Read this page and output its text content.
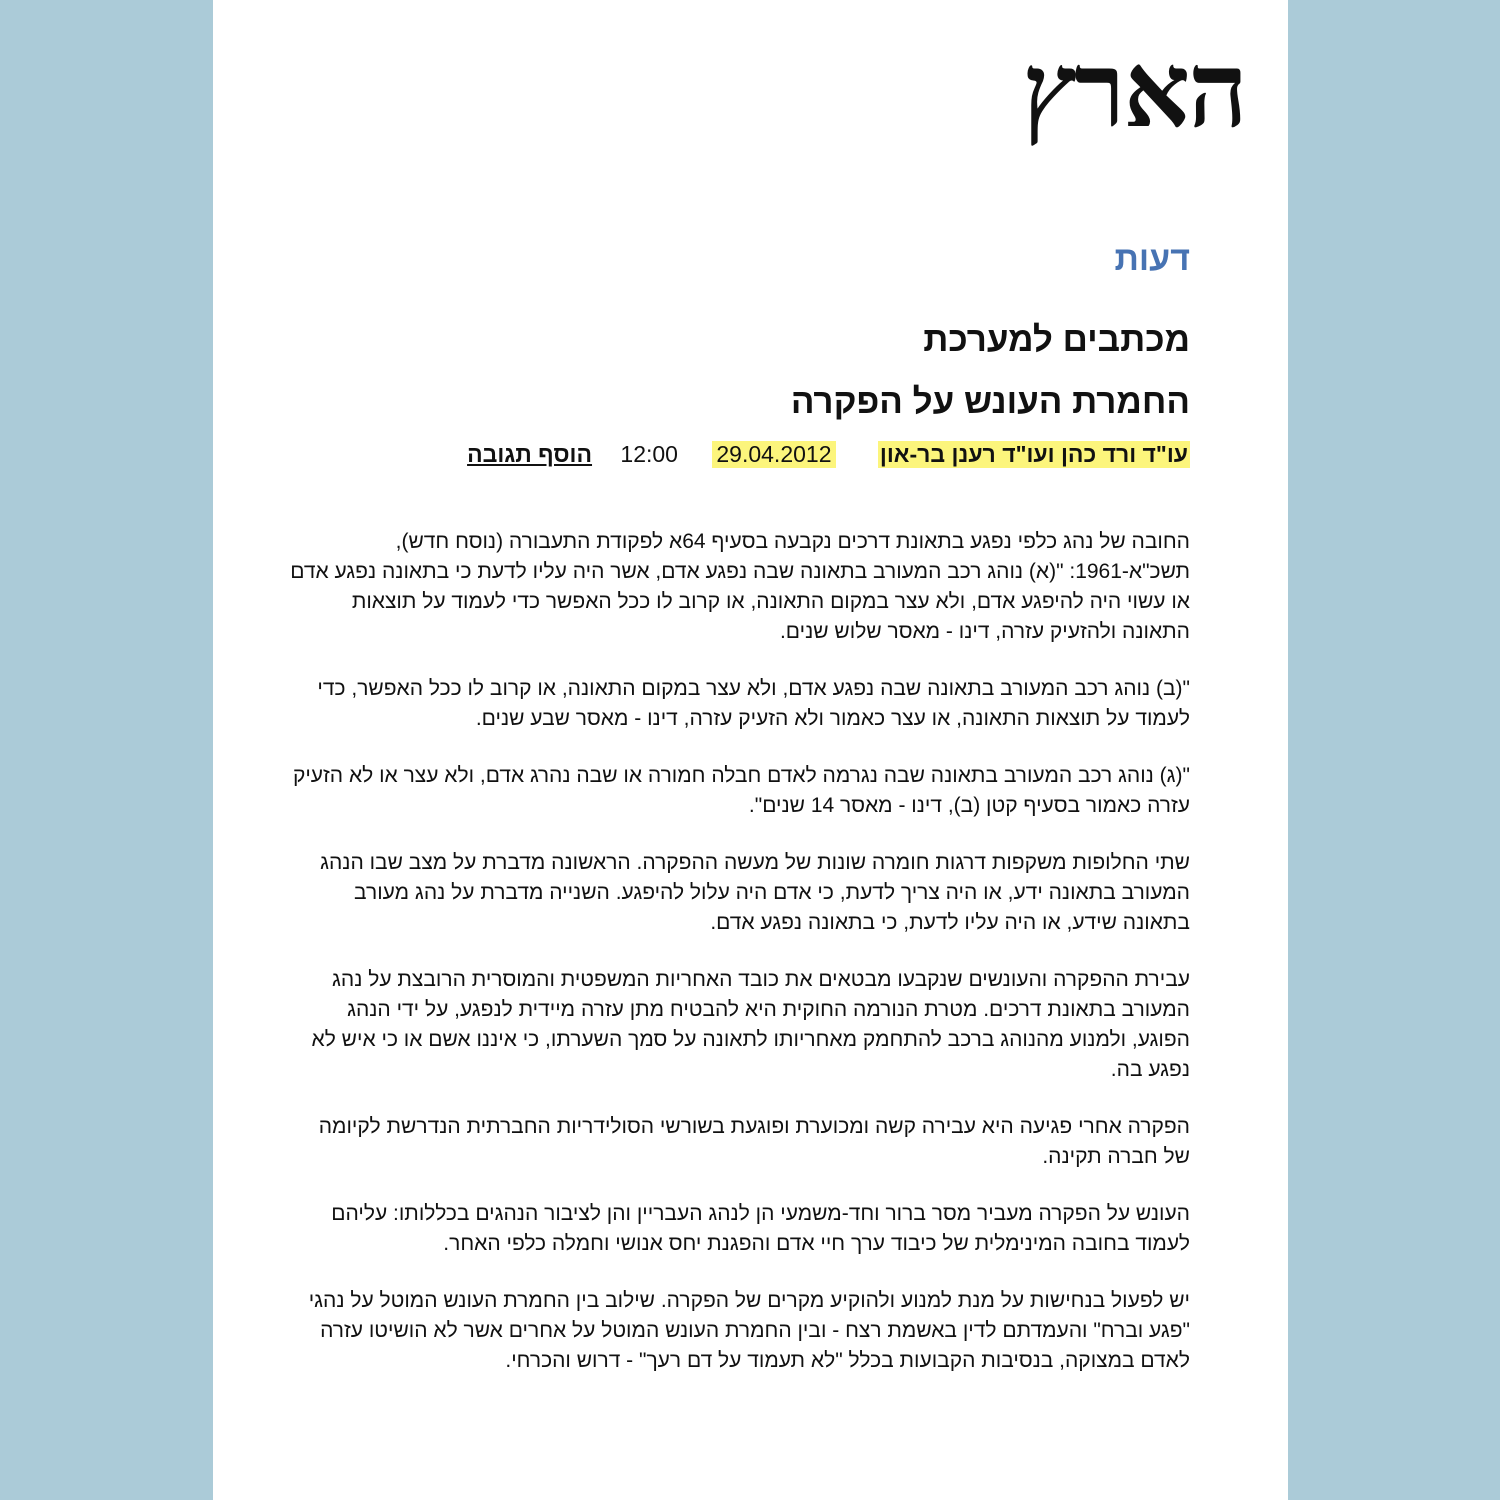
הארץ
דעות
מכתבים למערכת
החמרת העונש על הפקרה
עו"ד ורד כהן ועו"ד רענן בר-און 29.04.2012 12:00 הוסף תגובה

החובה של נהג כלפי נפגע בתאונת דרכים נקבעה בסעיף 64א לפקודת התעבורה (נוסח חדש), תשכ"א-1961: "(א) נוהג רכב המעורב בתאונה שבה נפגע אדם, אשר היה עליו לדעת כי בתאונה נפגע אדם או עשוי היה להיפגע אדם, ולא עצר במקום התאונה, או קרוב לו ככל האפשר כדי לעמוד על תוצאות התאונה ולהזעיק עזרה, דינו - מאסר שלוש שנים.

"(ב) נוהג רכב המעורב בתאונה שבה נפגע אדם, ולא עצר במקום התאונה, או קרוב לו ככל האפשר, כדי לעמוד על תוצאות התאונה, או עצר כאמור ולא הזעיק עזרה, דינו - מאסר שבע שנים.

"(ג) נוהג רכב המעורב בתאונה שבה נגרמה לאדם חבלה חמורה או שבה נהרג אדם, ולא עצר או לא הזעיק עזרה כאמור בסעיף קטן (ב), דינו - מאסר 14 שנים".

שתי החלופות משקפות דרגות חומרה שונות של מעשה ההפקרה. הראשונה מדברת על מצב שבו הנהג המעורב בתאונה ידע, או היה צריך לדעת, כי אדם היה עלול להיפגע. השנייה מדברת על נהג מעורב בתאונה שידע, או היה עליו לדעת, כי בתאונה נפגע אדם.

עבירת ההפקרה והעונשים שנקבעו מבטאים את כובד האחריות המשפטית והמוסרית הרובצת על נהג המעורב בתאונת דרכים. מטרת הנורמה החוקית היא להבטיח מתן עזרה מיידית לנפגע, על ידי הנהג הפוגע, ולמנוע מהנוהג ברכב להתחמק מאחריותו לתאונה על סמך השערתו, כי איננו אשם או כי איש לא נפגע בה.

הפקרה אחרי פגיעה היא עבירה קשה ומכוערת ופוגעת בשורשי הסולידריות החברתית הנדרשת לקיומה של חברה תקינה.

העונש על הפקרה מעביר מסר ברור וחד-משמעי הן לנהג העבריין והן לציבור הנהגים בכללותו: עליהם לעמוד בחובה המינימלית של כיבוד ערך חיי אדם והפגנת יחס אנושי וחמלה כלפי האחר.

יש לפעול בנחישות על מנת למנוע ולהוקיע מקרים של הפקרה. שילוב בין החמרת העונש המוטל על נהגי "פגע וברח" והעמדתם לדין באשמת רצח - ובין החמרת העונש המוטל על אחרים אשר לא הושיטו עזרה לאדם במצוקה, בנסיבות הקבועות בכלל "לא תעמוד על דם רעך" - דרוש והכרחי.
